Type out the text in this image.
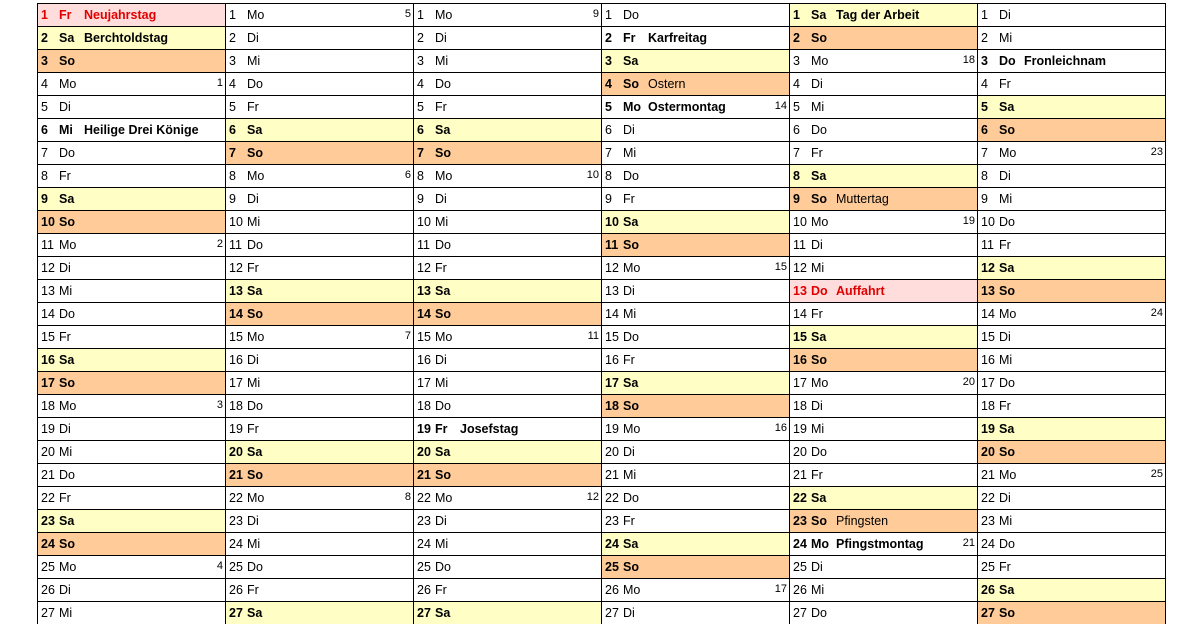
1 Fr Neujahrstag
2 Sa Berchtoldstag
3 So
4 Mo	1
5 Di
6 Mi Heilige Drei Könige
7 Do
8 Fr
9 Sa
10 So
11 Mo	2
12 Di
13 Mi
14 Do
15 Fr
16 Sa
17 So
18 Mo	3
19 Di
20 Mi
21 Do
22 Fr
23 Sa
24 So
25 Mo	4
26 Di
27 Mi
1 Mo	5
2 Di
3 Mi
4 Do
5 Fr
6 Sa
7 So
8 Mo	6
9 Di
10 Mi
11 Do
12 Fr
13 Sa
14 So
15 Mo	7
16 Di
17 Mi
18 Do
19 Fr
20 Sa
21 So
22 Mo	8
23 Di
24 Mi
25 Do
26 Fr
27 Sa
1 Mo	9
2 Di
3 Mi
4 Do
5 Fr
6 Sa
7 So
8 Mo	10
9 Di
10 Mi
11 Do
12 Fr
13 Sa
14 So
15 Mo	11
16 Di
17 Mi
18 Do
19 Fr Josefstag
20 Sa
21 So
22 Mo	12
23 Di
24 Mi
25 Do
26 Fr
27 Sa
1 Do
2 Fr Karfreitag
3 Sa
4 So Ostern
5 Mo Ostermontag	14
6 Di
7 Mi
8 Do
9 Fr
10 Sa
11 So
12 Mo	15
13 Di
14 Mi
15 Do
16 Fr
17 Sa
18 So
19 Mo	16
20 Di
21 Mi
22 Do
23 Fr
24 Sa
25 So
26 Mo	17
27 Di
1 Sa Tag der Arbeit
2 So
3 Mo	18
4 Di
5 Mi
6 Do
7 Fr
8 Sa
9 So Muttertag
10 Mo	19
11 Di
12 Mi
13 Do Auffahrt
14 Fr
15 Sa
16 So
17 Mo	20
18 Di
19 Mi
20 Do
21 Fr
22 Sa
23 So Pfingsten
24 Mo Pfingstmontag	21
25 Di
26 Mi
27 Do
1 Di
2 Mi
3 Do Fronleichnam
4 Fr
5 Sa
6 So
7 Mo	23
8 Di
9 Mi
10 Do
11 Fr
12 Sa
13 So
14 Mo	24
15 Di
16 Mi
17 Do
18 Fr
19 Sa
20 So
21 Mo	25
22 Di
23 Mi
24 Do
25 Fr
26 Sa
27 So
